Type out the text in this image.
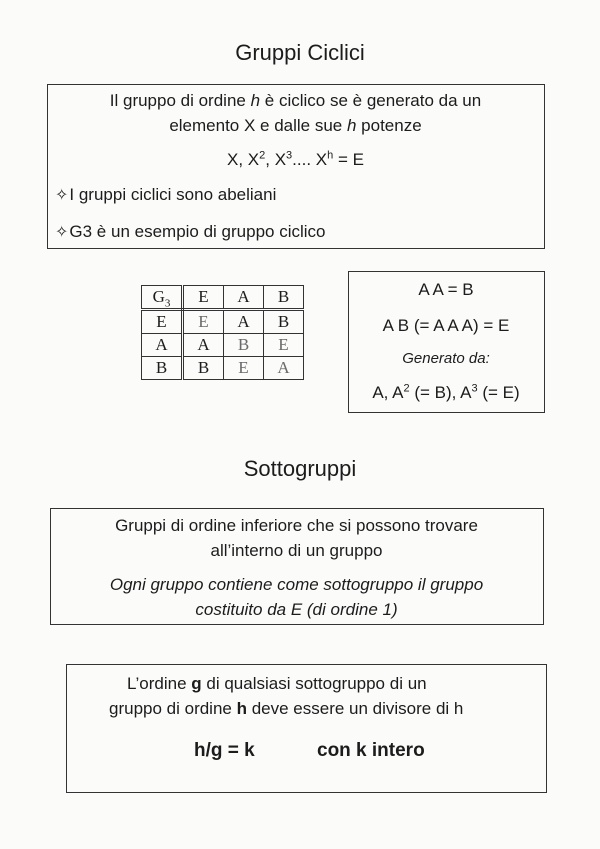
Gruppi Ciclici
Il gruppo di ordine h è ciclico se è generato da un
elemento X e dalle sue h potenze
X, $X^2$, $X^3$.... $X^h = E$
✧I gruppi ciclici sono abeliani
✧G3 è un esempio di gruppo ciclico
$G_3$	E	A	B
E	E	A	B
A	A	B	E
B	B	E	A
A A = B
A B (= A A A) = E
Generato da:
A, $A^2$ (= B), $A^3$ (= E)
Sottogruppi
Gruppi di ordine inferiore che si possono trovare
all’interno di un gruppo
Ogni gruppo contiene come sottogruppo il gruppo
costituito da E (di ordine 1)
L’ordine g di qualsiasi sottogruppo di un
gruppo di ordine h deve essere un divisore di h
h/g = k	con k intero
